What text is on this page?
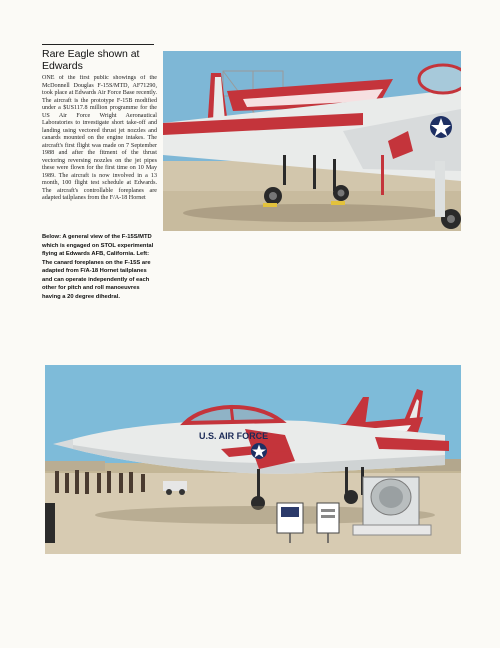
Rare Eagle shown at Edwards

ONE of the first public showings of the McDonnell Douglas F-15S/MTD, AF71290, took place at Edwards Air Force Base recently. The aircraft is the prototype F-15B modified under a $US117.8 million programme for the US Air Force Wright Aeronautical Laboratories to investigate short take-off and landing using vectored thrust jet nozzles and canards mounted on the engine intakes. The aircraft's first flight was made on 7 September 1988 and after the fitment of the thrust vectoring reversing nozzles on the jet pipes these were flown for the first time on 10 May 1989. The aircraft is now involved in a 13 month, 100 flight test schedule at Edwards. The aircraft's controllable foreplanes are adapted tailplanes from the F/A-18 Hornet

Below: A general view of the F-15S/MTD which is engaged on STOL experimental flying at Edwards AFB, California. Left: The canard foreplanes on the F-15S are adapted from F/A-18 Hornet tailplanes and can operate independently of each other for pitch and roll manoeuvres having a 20 degree dihedral.

U.S. AIR FORCE
